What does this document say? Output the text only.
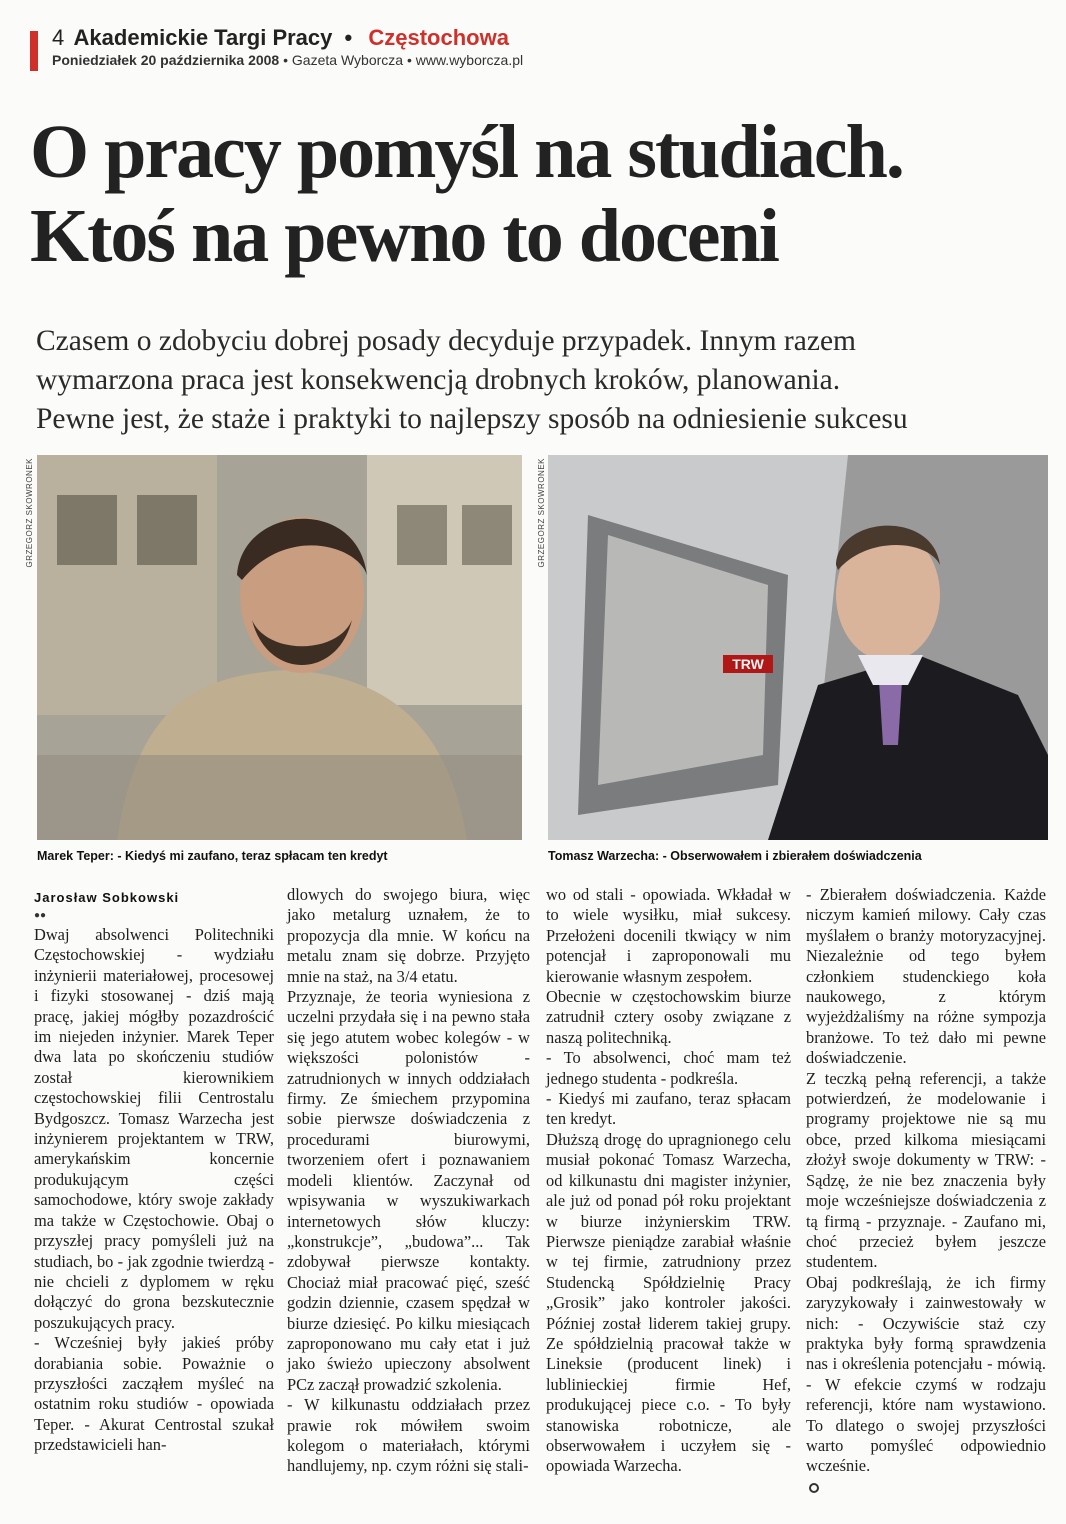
4 Akademickie Targi Pracy • Częstochowa
Poniedziałek 20 października 2008 • Gazeta Wyborcza • www.wyborcza.pl
O pracy pomyśl na studiach.
Ktoś na pewno to doceni
Czasem o zdobyciu dobrej posady decyduje przypadek. Innym razem
wymarzona praca jest konsekwencją drobnych kroków, planowania.
Pewne jest, że staże i praktyki to najlepszy sposób na odniesienie sukcesu
GRZEGORZ SKOWRONEK	GRZEGORZ SKOWRONEK
TRW
Marek Teper: - Kiedyś mi zaufano, teraz spłacam ten kredyt	Tomasz Warzecha: - Obserwowałem i zbierałem doświadczenia
Jarosław Sobkowski
●●

Dwaj absolwenci Politechniki Częstochowskiej - wydziału inżynierii materiałowej, procesowej i fizyki stosowanej - dziś mają pracę, jakiej mógłby pozazdrościć im niejeden inżynier. Marek Teper dwa lata po skończeniu studiów został kierownikiem częstochowskiej filii Centrostalu Bydgoszcz. Tomasz Warzecha jest inżynierem projektantem w TRW, amerykańskim koncernie produkującym części samochodowe, który swoje zakłady ma także w Częstochowie. Obaj o przyszłej pracy pomyśleli już na studiach, bo - jak zgodnie twierdzą - nie chcieli z dyplomem w ręku dołączyć do grona bezskutecznie poszukujących pracy.
- Wcześniej były jakieś próby dorabiania sobie. Poważnie o przyszłości zacząłem myśleć na ostatnim roku studiów - opowiada Teper. - Akurat Centrostal szukał przedstawicieli han-

dlowych do swojego biura, więc jako metalurg uznałem, że to propozycja dla mnie. W końcu na metalu znam się dobrze. Przyjęto mnie na staż, na 3/4 etatu.
Przyznaje, że teoria wyniesiona z uczelni przydała się i na pewno stała się jego atutem wobec kolegów - w większości polonistów - zatrudnionych w innych oddziałach firmy. Ze śmiechem przypomina sobie pierwsze doświadczenia z procedurami biurowymi, tworzeniem ofert i poznawaniem modeli klientów. Zaczynał od wpisywania w wyszukiwarkach internetowych słów kluczy: „konstrukcje”, „budowa”... Tak zdobywał pierwsze kontakty. Chociaż miał pracować pięć, sześć godzin dziennie, czasem spędzał w biurze dziesięć. Po kilku miesiącach zaproponowano mu cały etat i już jako świeżo upieczony absolwent PCz zaczął prowadzić szkolenia.
- W kilkunastu oddziałach przez prawie rok mówiłem swoim kolegom o materiałach, którymi handlujemy, np. czym różni się stali-

wo od stali - opowiada. Wkładał w to wiele wysiłku, miał sukcesy. Przełożeni docenili tkwiący w nim potencjał i zaproponowali mu kierowanie własnym zespołem.
Obecnie w częstochowskim biurze zatrudnił cztery osoby związane z naszą politechniką.
- To absolwenci, choć mam też jednego studenta - podkreśla.
- Kiedyś mi zaufano, teraz spłacam ten kredyt.
Dłuższą drogę do upragnionego celu musiał pokonać Tomasz Warzecha, od kilkunastu dni magister inżynier, ale już od ponad pół roku projektant w biurze inżynierskim TRW. Pierwsze pieniądze zarabiał właśnie w tej firmie, zatrudniony przez Studencką Spółdzielnię Pracy „Grosik” jako kontroler jakości. Później został liderem takiej grupy. Ze spółdzielnią pracował także w Lineksie (producent linek) i lublinieckiej firmie Hef, produkującej piece c.o. - To były stanowiska robotnicze, ale obserwowałem i uczyłem się - opowiada Warzecha.

- Zbierałem doświadczenia. Każde niczym kamień milowy. Cały czas myślałem o branży motoryzacyjnej. Niezależnie od tego byłem członkiem studenckiego koła naukowego, z którym wyjeżdżaliśmy na różne sympozja branżowe. To też dało mi pewne doświadczenie.
Z teczką pełną referencji, a także potwierdzeń, że modelowanie i programy projektowe nie są mu obce, przed kilkoma miesiącami złożył swoje dokumenty w TRW: - Sądzę, że nie bez znaczenia były moje wcześniejsze doświadczenia z tą firmą - przyznaje. - Zaufano mi, choć przecież byłem jeszcze studentem.
Obaj podkreślają, że ich firmy zaryzykowały i zainwestowały w nich: - Oczywiście staż czy praktyka były formą sprawdzenia nas i określenia potencjału - mówią. - W efekcie czymś w rodzaju referencji, które nam wystawiono. To dlatego o swojej przyszłości warto pomyśleć odpowiednio wcześnie.
